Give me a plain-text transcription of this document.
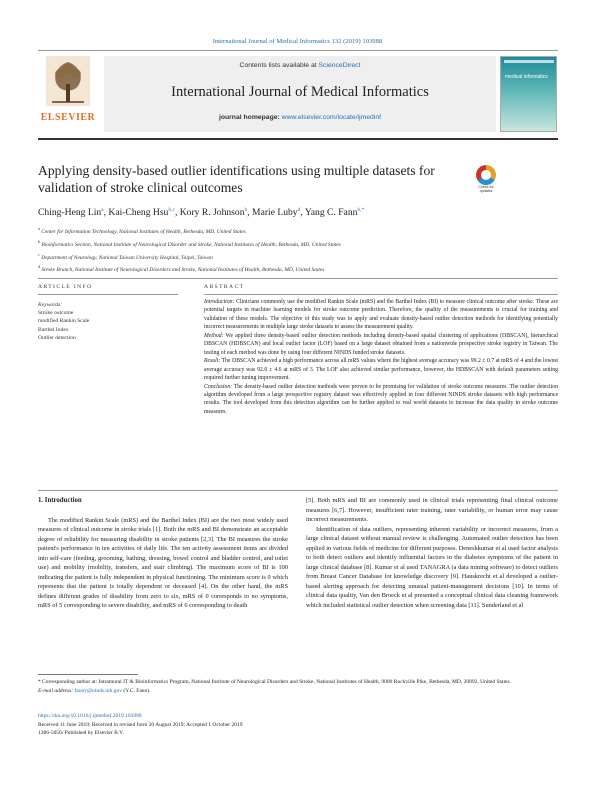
International Journal of Medical Informatics 132 (2019) 103988
ELSEVIER
Contents lists available at ScienceDirect
International Journal of Medical Informatics
journal homepage: www.elsevier.com/locate/ijmedinf
medical informatics
Applying density-based outlier identifications using multiple datasets for validation of stroke clinical outcomes	Check for updates
Ching-Heng Lin$^a$, Kai-Cheng Hsu$^{b,c}$, Kory R. Johnson$^b$, Marie Luby$^d$, Yang C. Fann$^{b,*}$
$^a$ Center for Information Technology, National Institutes of Health, Bethesda, MD, United States
$^b$ Bioinformatics Section, National Institute of Neurological Disorder and Stroke, National Institutes of Health, Bethesda, MD, United States
$^c$ Department of Neurology, National Taiwan University Hospital, Taipei, Taiwan
$^d$ Stroke Branch, National Institute of Neurological Disorders and Stroke, National Institutes of Health, Bethesda, MD, United States
ARTICLE INFO
Keywords:
Stroke outcome
modified Rankin Scale
Barthel Index
Outlier detection
ABSTRACT

Introduction: Clinicians commonly use the modified Rankin Scale (mRS) and the Barthel Index (BI) to measure clinical outcome after stroke. These are potential targets in machine learning models for stroke outcome prediction. Therefore, the quality of the measurements is crucial for training and validation of these models. The objective of this study was to apply and evaluate density-based outlier detection methods for identifying potentially incorrect measurements in multiple large stroke datasets to assess the measurement quality.

Method: We applied three density-based outlier detection methods including density-based spatial clustering of applications (DBSCAN), hierarchical DBSCAN (HDBSCAN) and local outlier factor (LOF) based on a large dataset obtained from a nationwide prospective stroke registry in Taiwan. The testing of each method was done by using four different NINDS funded stroke datasets.

Result: The DBSCAN achieved a high performance across all mRS values where the highest average accuracy was 99.2 ± 0.7 at mRS of 4 and the lowest average accuracy was 92.0 ± 4.6 at mRS of 3. The LOF also achieved similar performance, however, the HDBSCAN with default parameters setting required further tuning improvement.

Conclusion: The density-based outlier detection methods were proven to be promising for validation of stroke outcome measures. The outlier detection algorithm developed from a large prospective registry dataset was effectively applied in four different NINDS stroke datasets with high performance results. The tool developed from this detection algorithm can be further applied to real world datasets to increase the data quality in stroke outcome measures.

1. Introduction

The modified Rankin Scale (mRS) and the Barthel Index (BI) are the two most widely used measures of clinical outcome in stroke trials [1]. Both the mRS and BI demonstrate an acceptable degree of reliability for measuring disability in stroke patients [2,3]. The BI measures the stroke patient's performance in ten activities of daily life. The ten activity assessment items are divided into self-care (feeding, grooming, bathing, dressing, bowel control and bladder control, and toilet use) and mobility (mobility, transfers, and stair climbing). The maximum score of BI is 100 indicating the patient is fully independent in physical functioning. The minimum score is 0 which represents that the patient is totally dependent or deceased [4]. On the other hand, the mRS defines different grades of disability from zero to six, mRS of 0 corresponds to no symptoms, mRS of 5 corresponding to severe disability, and mRS of 6 corresponding to death

[5]. Both mRS and BI are commonly used in clinical trials representing final clinical outcome measures [6,7]. However, insufficient rater training, rater variability, or human error may cause incorrect measurements.

Identification of data outliers, representing inherent variability or incorrect measures, from a large clinical dataset without manual review is challenging. Automated outlier detection has been applied in various fields of medicine for different purposes. Deneshkumar et al used factor analysis to both detect outliers and identify influential factors in the diabetes symptoms of the patient in large clinical database [8]. Kumar et al used TANAGRA (a data mining software) to detect outliers from Breast Cancer Database for knowledge discovery [9]. Hauskrecht et al developed a outlier-based alerting approach for detecting unusual patient-management decisions [10]. In terms of clinical data quality, Van den Broeck et al presented a conceptual clinical data cleaning framework which included statistical outlier detection when screening data [11]. Sunderland et al

* Corresponding author at: Intramural IT & Bioinformatics Program, National Institute of Neurological Disorders and Stroke, National Institutes of Health, 9000 Rockville Pike, Bethesda, MD, 20892, United States.
E-mail address: fanny@ninds.nih.gov (Y.C. Fann).
https://doi.org/10.1016/j.ijmedinf.2019.103988
Received 11 June 2019; Received in revised form 20 August 2019; Accepted 1 October 2019
1386-5056/ Published by Elsevier B.V.
